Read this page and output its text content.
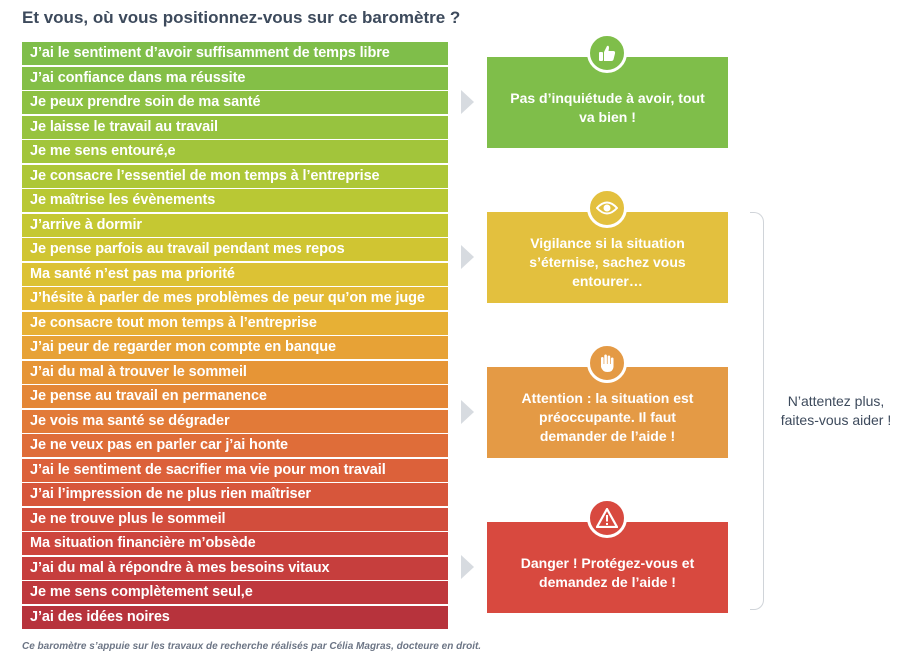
Et vous, où vous positionnez-vous sur ce baromètre ?
J’ai le sentiment d’avoir suffisamment de temps libre
J’ai confiance dans ma réussite
Je peux prendre soin de ma santé
Je laisse le travail au travail
Je me sens entouré,e
Je consacre l’essentiel de mon temps à l’entreprise
Je maîtrise les évènements
J’arrive à dormir
Je pense parfois au travail pendant mes repos
Ma santé n’est pas ma priorité
J’hésite à parler de mes problèmes de peur qu’on me juge
Je consacre tout mon temps à l’entreprise
J’ai peur de regarder mon compte en banque
J’ai du mal à trouver le sommeil
Je pense au travail en permanence
Je vois ma santé se dégrader
Je ne veux pas en parler car j’ai honte
J’ai le sentiment de sacrifier ma vie pour mon travail
J’ai l’impression de ne plus rien maîtriser
Je ne trouve plus le sommeil
Ma situation financière m’obsède
J’ai du mal à répondre à mes besoins vitaux
Je me sens complètement seul,e
J’ai des idées noires
Pas d’inquiétude à avoir, tout va bien !
Vigilance si la situation s’éternise, sachez vous entourer…
Attention : la situation est préoccupante. Il faut demander de l’aide !
Danger ! Protégez-vous et demandez de l’aide !
N’attentez plus, faites-vous aider !
Ce baromètre s’appuie sur les travaux de recherche réalisés par Célia Magras, docteure en droit.
